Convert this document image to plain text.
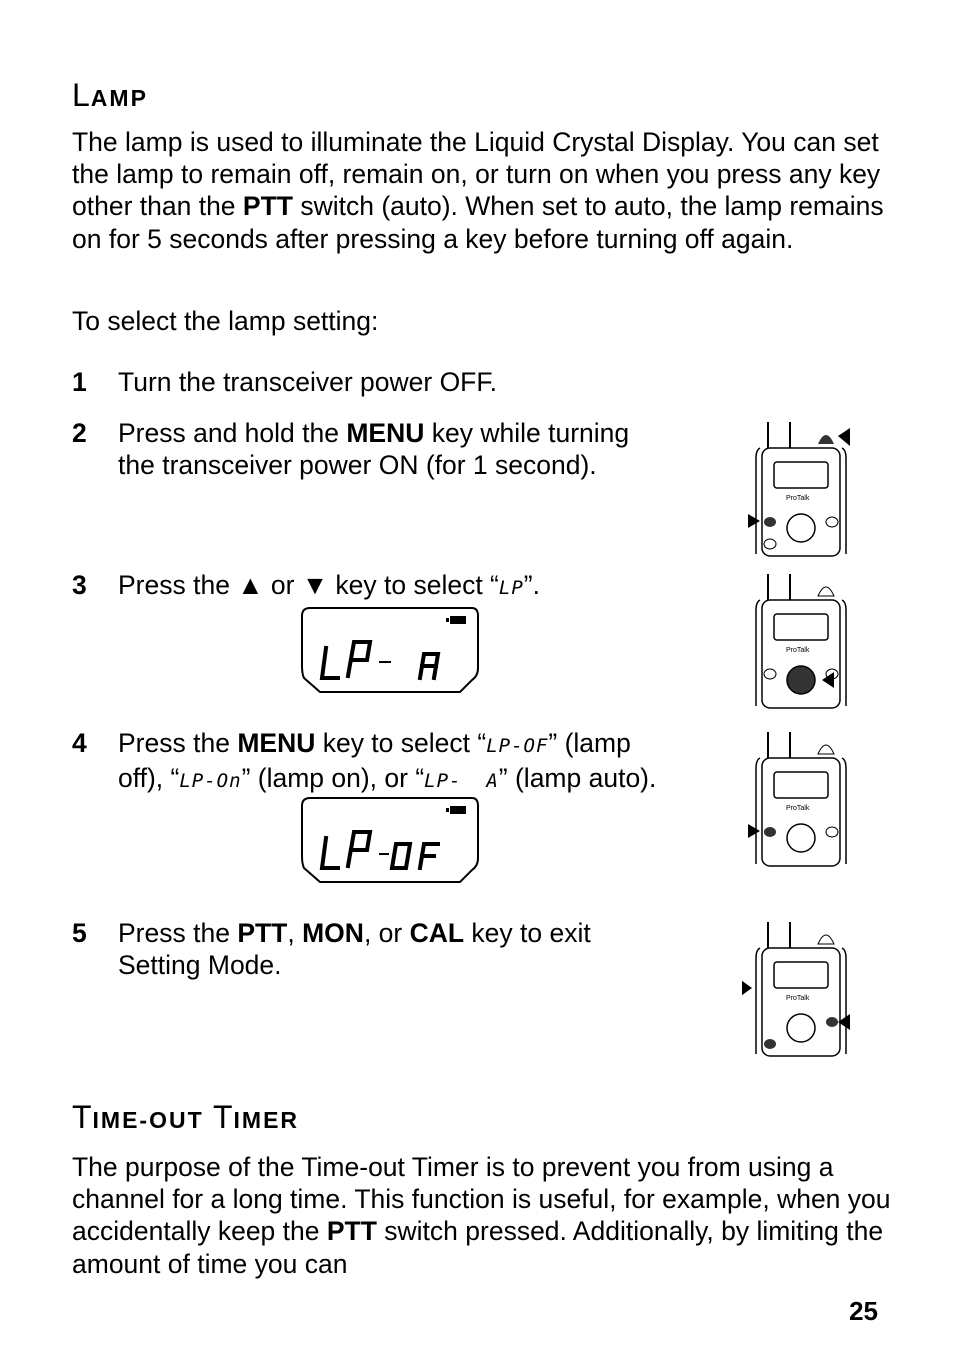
LAMP
The lamp is used to illuminate the Liquid Crystal Display. You can set the lamp to remain off, remain on, or turn on when you press any key other than the PTT switch (auto). When set to auto, the lamp remains on for 5 seconds after pressing a key before turning off again.
To select the lamp setting:
1	Turn the transceiver power OFF.
2	Press and hold the MENU key while turning
the transceiver power ON (for 1 second).
3	Press the ▲ or ▼ key to select “LP”.
4	Press the MENU key to select “LP-OF” (lamp
off), “LP-On” (lamp on), or “LP-  A” (lamp auto).
5	Press the PTT, MON, or CAL key to exit
Setting Mode.
ProTalk
ProTalk
ProTalk
ProTalk
TIME-OUT TIMER
The purpose of the Time-out Timer is to prevent you from using a channel for a long time. This function is useful, for example, when you accidentally keep the PTT switch pressed. Additionally, by limiting the amount of time you can
25
